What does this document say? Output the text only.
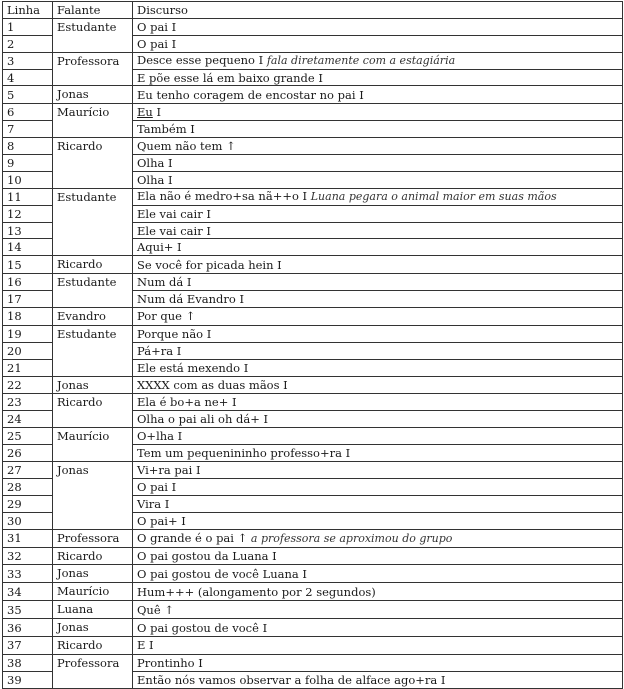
Linha	Falante	Discurso
1	Estudante	O pai I
2		O pai I
3	Professora	Desce esse pequeno I fala diretamente com a estagiária
4		E põe esse lá em baixo grande I
5	Jonas	Eu tenho coragem de encostar no pai I
6	Maurício	Eu I
7		Também I
8	Ricardo	Quem não tem ↑
9		Olha I
10		Olha I
11	Estudante	Ela não é medro+sa nã++o I Luana pegara o animal maior em suas mãos
12		Ele vai cair I
13		Ele vai cair I
14		Aqui+ I
15	Ricardo	Se você for picada hein I
16	Estudante	Num dá I
17		Num dá Evandro I
18	Evandro	Por que ↑
19	Estudante	Porque não I
20		Pá+ra I
21		Ele está mexendo I
22	Jonas	XXXX com as duas mãos I
23	Ricardo	Ela é bo+a ne+ I
24		Olha o pai ali oh dá+ I
25	Maurício	O+lha I
26		Tem um pequenininho professo+ra I
27	Jonas	Vi+ra pai I
28		O pai I
29		Vira I
30		O pai+ I
31	Professora	O grande é o pai ↑ a professora se aproximou do grupo
32	Ricardo	O pai gostou da Luana I
33	Jonas	O pai gostou de você Luana I
34	Maurício	Hum+++ (alongamento por 2 segundos)
35	Luana	Quê ↑
36	Jonas	O pai gostou de você I
37	Ricardo	E I
38	Professora	Prontinho I
39		Então nós vamos observar a folha de alface ago+ra I
